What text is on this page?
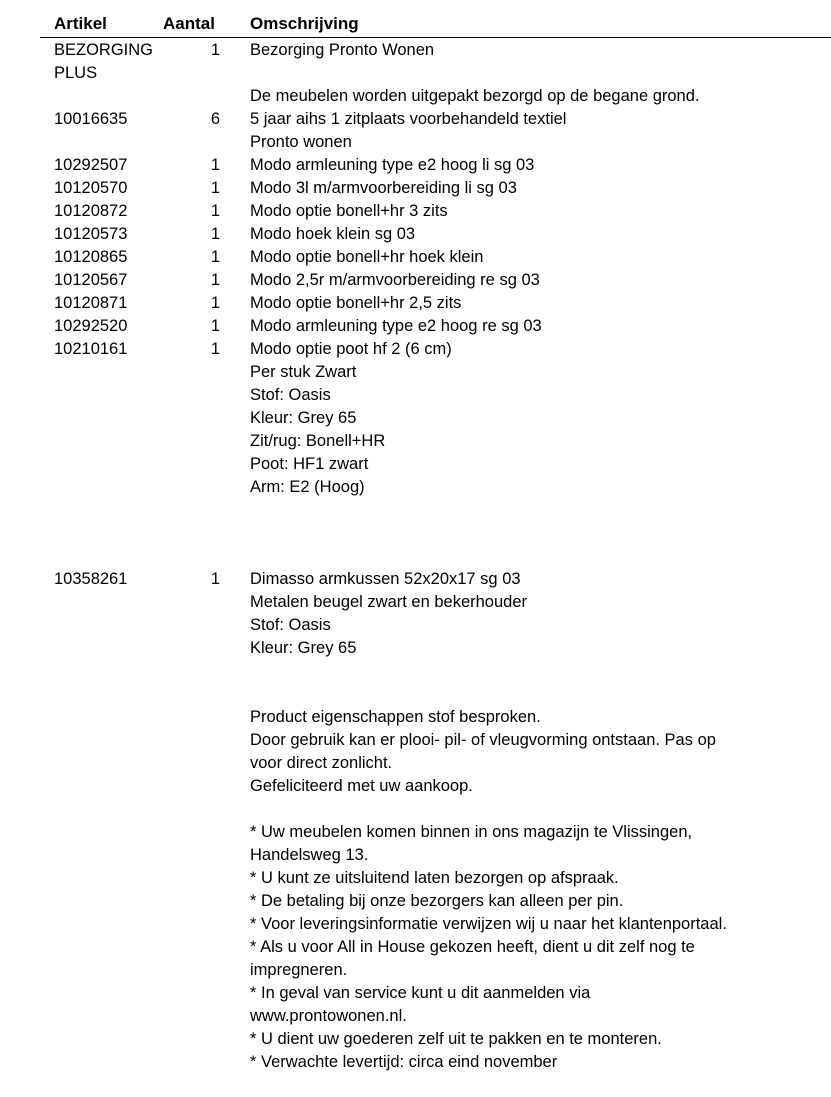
Artikel	Aantal Omschrijving
BEZORGING
PLUS
1 Bezorging Pronto Wonen
De meubelen worden uitgepakt bezorgd op de begane grond.
10016635	6 5 jaar aihs 1 zitplaats voorbehandeld textiel
Pronto wonen
10292507	1 Modo armleuning type e2 hoog li sg 03
10120570	1 Modo 3l m/armvoorbereiding li sg 03
10120872	1 Modo optie bonell+hr 3 zits
10120573	1 Modo hoek klein sg 03
10120865	1 Modo optie bonell+hr hoek klein
10120567	1 Modo 2,5r m/armvoorbereiding re sg 03
10120871	1 Modo optie bonell+hr 2,5 zits
10292520	1 Modo armleuning type e2 hoog re sg 03
10210161	1 Modo optie poot hf 2 (6 cm)
Per stuk Zwart
Stof: Oasis
Kleur: Grey 65
Zit/rug: Bonell+HR
Poot: HF1 zwart
Arm: E2 (Hoog)
10358261	1 Dimasso armkussen 52x20x17 sg 03
Metalen beugel zwart en bekerhouder
Stof: Oasis
Kleur: Grey 65
Product eigenschappen stof besproken.
Door gebruik kan er plooi- pil- of vleugvorming ontstaan. Pas op
voor direct zonlicht.
Gefeliciteerd met uw aankoop.
* Uw meubelen komen binnen in ons magazijn te Vlissingen,
Handelsweg 13.
* U kunt ze uitsluitend laten bezorgen op afspraak.
* De betaling bij onze bezorgers kan alleen per pin.
* Voor leveringsinformatie verwijzen wij u naar het klantenportaal.
* Als u voor All in House gekozen heeft, dient u dit zelf nog te
impregneren.
* In geval van service kunt u dit aanmelden via
www.prontowonen.nl.
* U dient uw goederen zelf uit te pakken en te monteren.
* Verwachte levertijd: circa eind november
